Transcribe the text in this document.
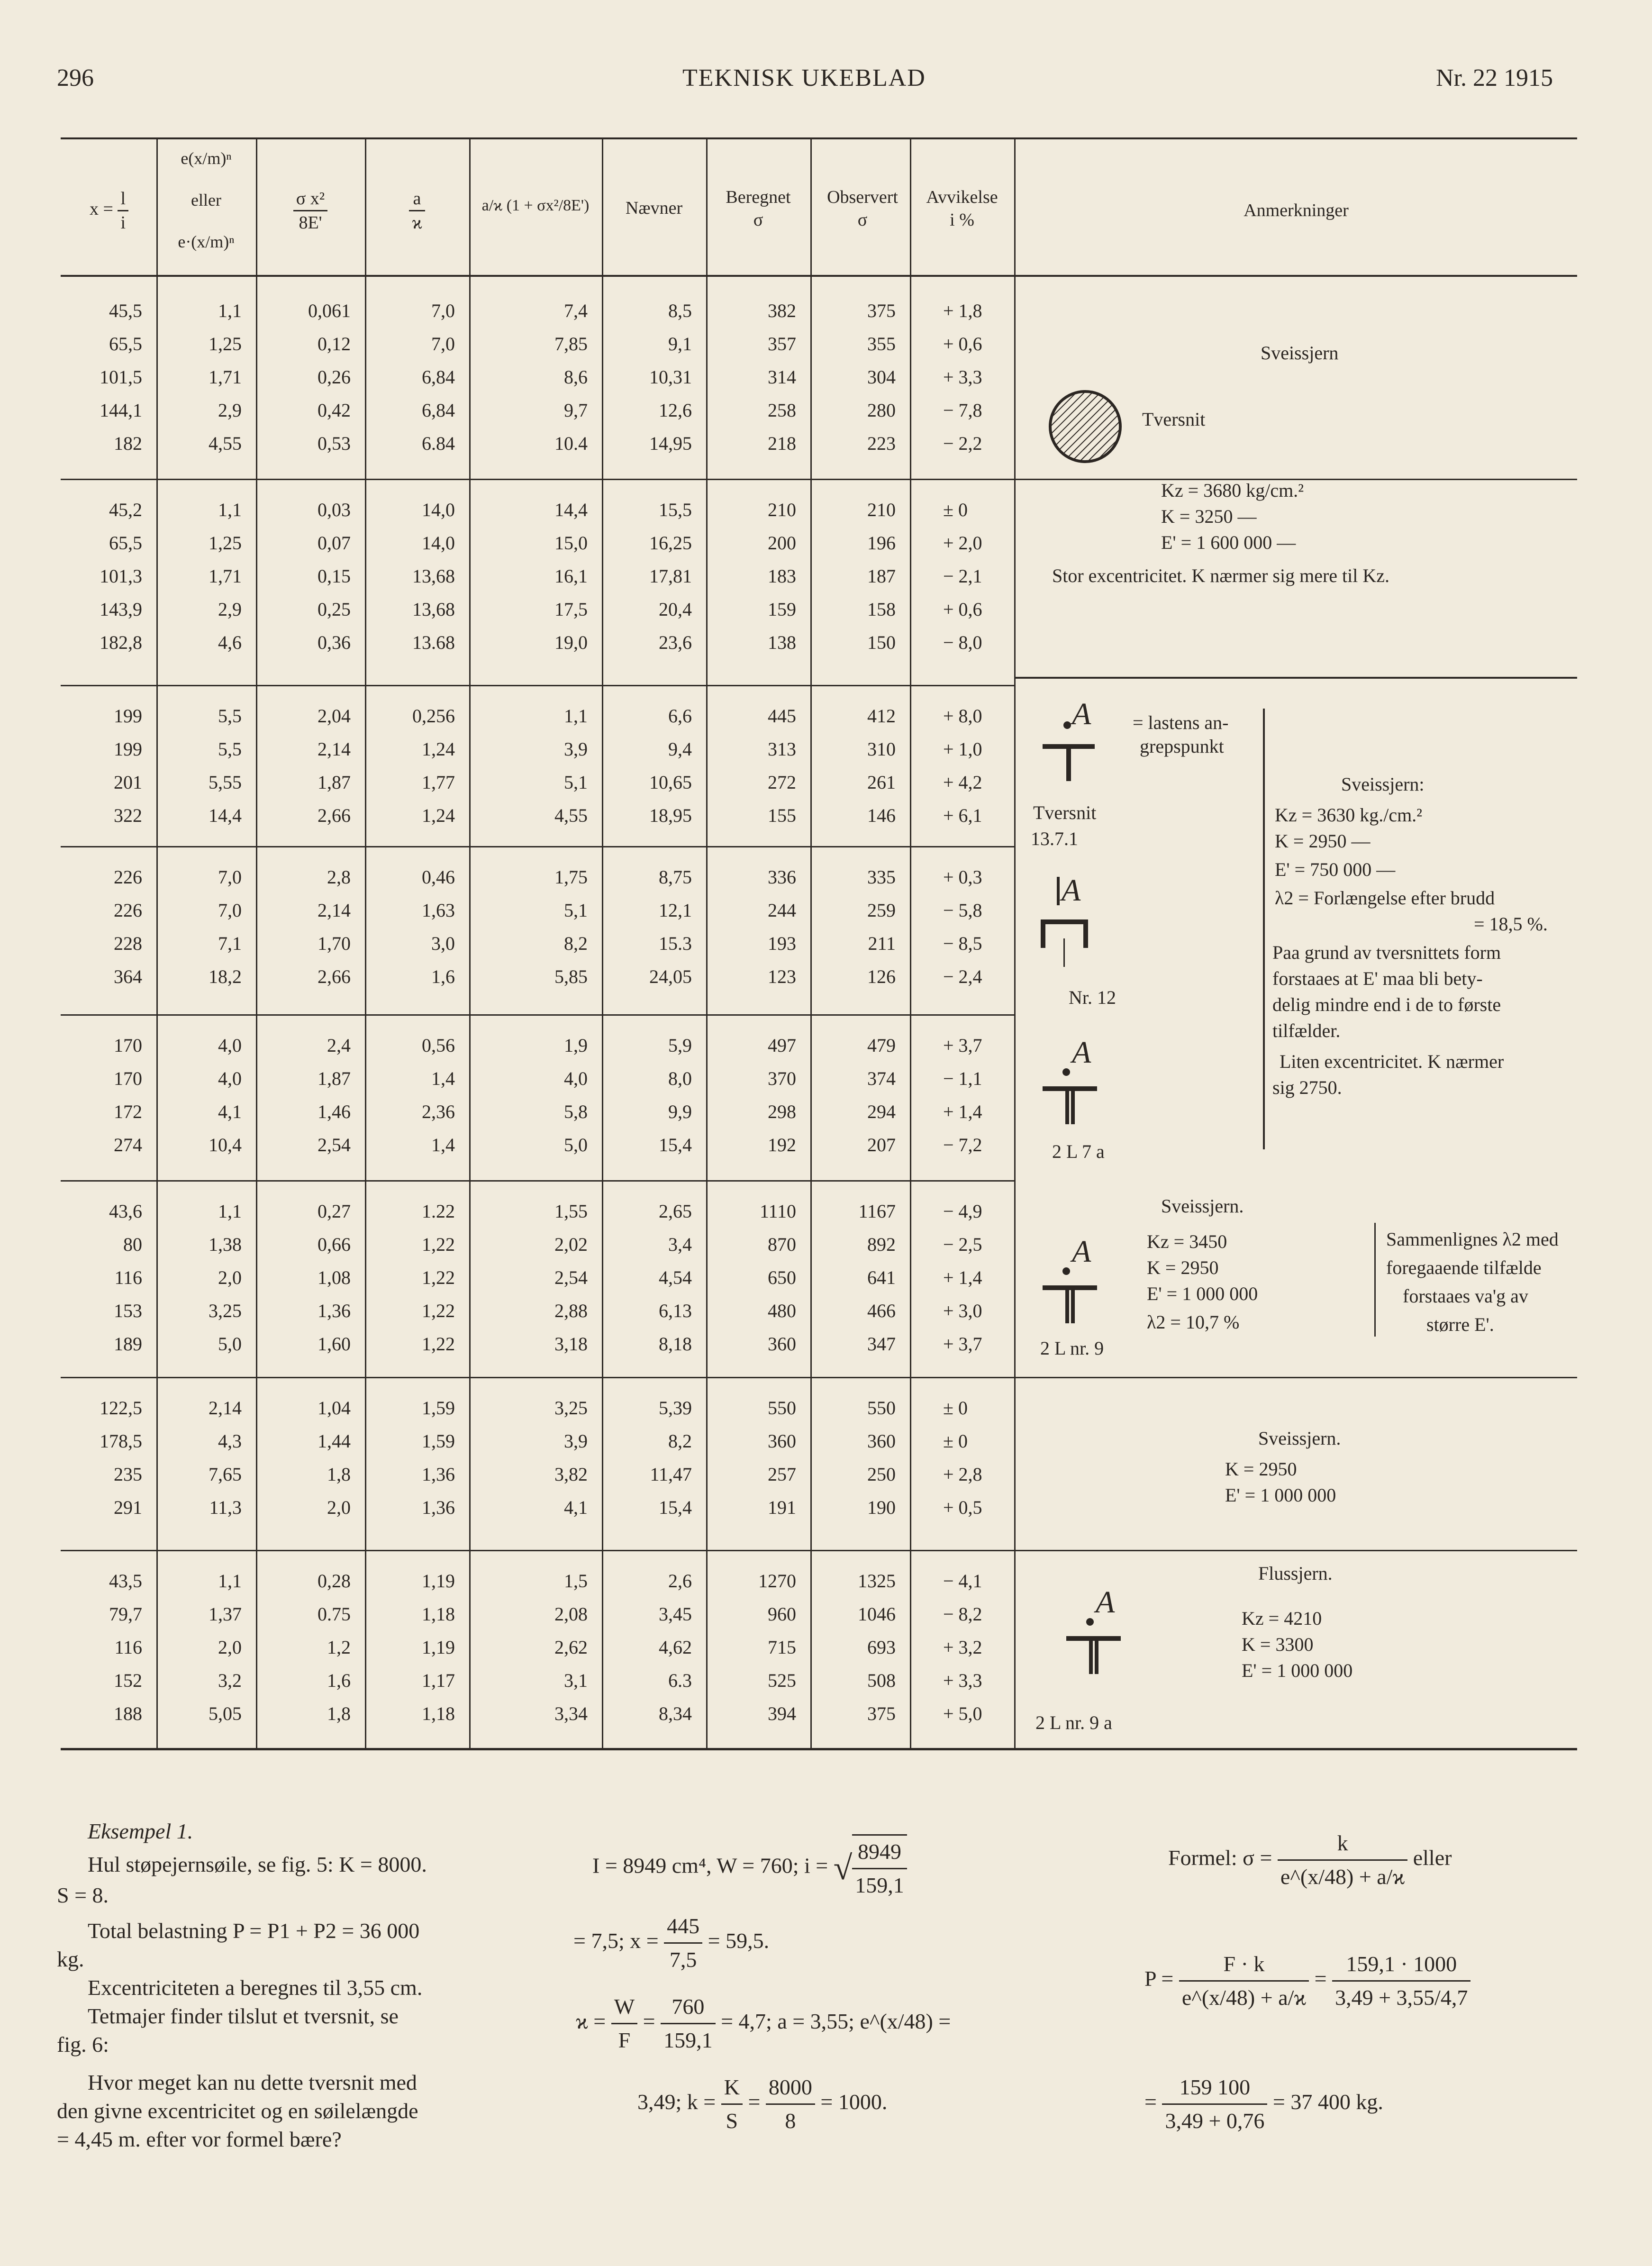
296	TEKNISK UKEBLAD	Nr. 22 1915
$x = \frac{l}{i}$
e(x/m)ⁿ
eller
e·(x/m)ⁿ
$\frac{\text{σ x²}}{8E'}$	$\frac{a}{ϰ}$	a/ϰ (1 + σx²/8E')	Nævner
Beregnet
σ
Observert
σ
Avvikelse
i %	Anmerkninger
45,5	1,1	0,061	7,0	7,4	8,5	382	375	+ 1,8
65,5	1,25	0,12	7,0	7,85	9,1	357	355	+ 0,6
101,5	1,71	0,26	6,84	8,6	10,31	314	304	+ 3,3
144,1	2,9	0,42	6,84	9,7	12,6	258	280	− 7,8
182	4,55	0,53	6.84	10.4	14,95	218	223	− 2,2
45,2	1,1	0,03	14,0	14,4	15,5	210	210	± 0
65,5	1,25	0,07	14,0	15,0	16,25	200	196	+ 2,0
101,3	1,71	0,15	13,68	16,1	17,81	183	187	− 2,1
143,9	2,9	0,25	13,68	17,5	20,4	159	158	+ 0,6
182,8	4,6	0,36	13.68	19,0	23,6	138	150	− 8,0
199	5,5	2,04	0,256	1,1	6,6	445	412	+ 8,0
199	5,5	2,14	1,24	3,9	9,4	313	310	+ 1,0
201	5,55	1,87	1,77	5,1	10,65	272	261	+ 4,2
322	14,4	2,66	1,24	4,55	18,95	155	146	+ 6,1
226	7,0	2,8	0,46	1,75	8,75	336	335	+ 0,3
226	7,0	2,14	1,63	5,1	12,1	244	259	− 5,8
228	7,1	1,70	3,0	8,2	15.3	193	211	− 8,5
364	18,2	2,66	1,6	5,85	24,05	123	126	− 2,4
170	4,0	2,4	0,56	1,9	5,9	497	479	+ 3,7
170	4,0	1,87	1,4	4,0	8,0	370	374	− 1,1
172	4,1	1,46	2,36	5,8	9,9	298	294	+ 1,4
274	10,4	2,54	1,4	5,0	15,4	192	207	− 7,2
43,6	1,1	0,27	1.22	1,55	2,65	1110	1167	− 4,9
80	1,38	0,66	1,22	2,02	3,4	870	892	− 2,5
116	2,0	1,08	1,22	2,54	4,54	650	641	+ 1,4
153	3,25	1,36	1,22	2,88	6,13	480	466	+ 3,0
189	5,0	1,60	1,22	3,18	8,18	360	347	+ 3,7
122,5	2,14	1,04	1,59	3,25	5,39	550	550	± 0
178,5	4,3	1,44	1,59	3,9	8,2	360	360	± 0
235	7,65	1,8	1,36	3,82	11,47	257	250	+ 2,8
291	11,3	2,0	1,36	4,1	15,4	191	190	+ 0,5
43,5	1,1	0,28	1,19	1,5	2,6	1270	1325	− 4,1
79,7	1,37	0.75	1,18	2,08	3,45	960	1046	− 8,2
116	2,0	1,2	1,19	2,62	4,62	715	693	+ 3,2
152	3,2	1,6	1,17	3,1	6.3	525	508	+ 3,3
188	5,05	1,8	1,18	3,34	8,34	394	375	+ 5,0
Sveissjern
Tversnit
Kz = 3680 kg/cm.²
K = 3250 —
E' = 1 600 000 —
Stor excentricitet. K nærmer sig mere til Kz.
A = lastens an-
grepspunkt
Tversnit
13.7.1
A
Nr. 12
A
2 L 7 a
Sveissjern:
Kz = 3630 kg./cm.²
K = 2950 —
E' = 750 000 —
λ2 = Forlængelse efter brudd
= 18,5 %.
Paa grund av tversnittets form
forstaaes at E' maa bli bety-
delig mindre end i de to første
tilfælder.
Liten excentricitet. K nærmer
sig 2750.
Sveissjern.
Kz = 3450
K = 2950
E' = 1 000 000
λ2 = 10,7 %
A
2 L nr. 9
Sammenlignes λ2 med
foregaaende tilfælde
forstaaes va'g av
større E'.
Sveissjern.
K = 2950
E' = 1 000 000
Flussjern.
Kz = 4210
K = 3300
E' = 1 000 000
A
2 L nr. 9 a
Eksempel 1.
Hul støpejernsøile, se fig. 5: K = 8000.
S = 8.
Total belastning P = P1 + P2 = 36 000
kg.
Excentriciteten a beregnes til 3,55 cm.
Tetmajer finder tilslut et tversnit, se
fig. 6:
Hvor meget kan nu dette tversnit med
den givne excentricitet og en søilelængde
= 4,45 m. efter vor formel bære?
I = 8949 cm⁴, W = 760; i = √ $\frac{8949}{159,1}$
= 7,5; $x = \frac{445}{7,5} = 59,5$.
$ϰ = \frac{W}{F} = \frac{760}{159,1} = 4,7$; a = 3,55; e^(x/48) =
3,49; $k = \frac{K}{S} = \frac{8000}{8} = 1000$.
Formel: $\sigma = \frac{k}{e\^{}(x/48) + a/ϰ}$ eller
$P = \frac{F \cdot k}{e\^{}(x/48) + a/ϰ} = \frac{159,1 \cdot 1000}{3,49 + 3,55/4,7}$
= $\frac{159 100}{3,49 + 0,76} = 37$ 400 kg.
